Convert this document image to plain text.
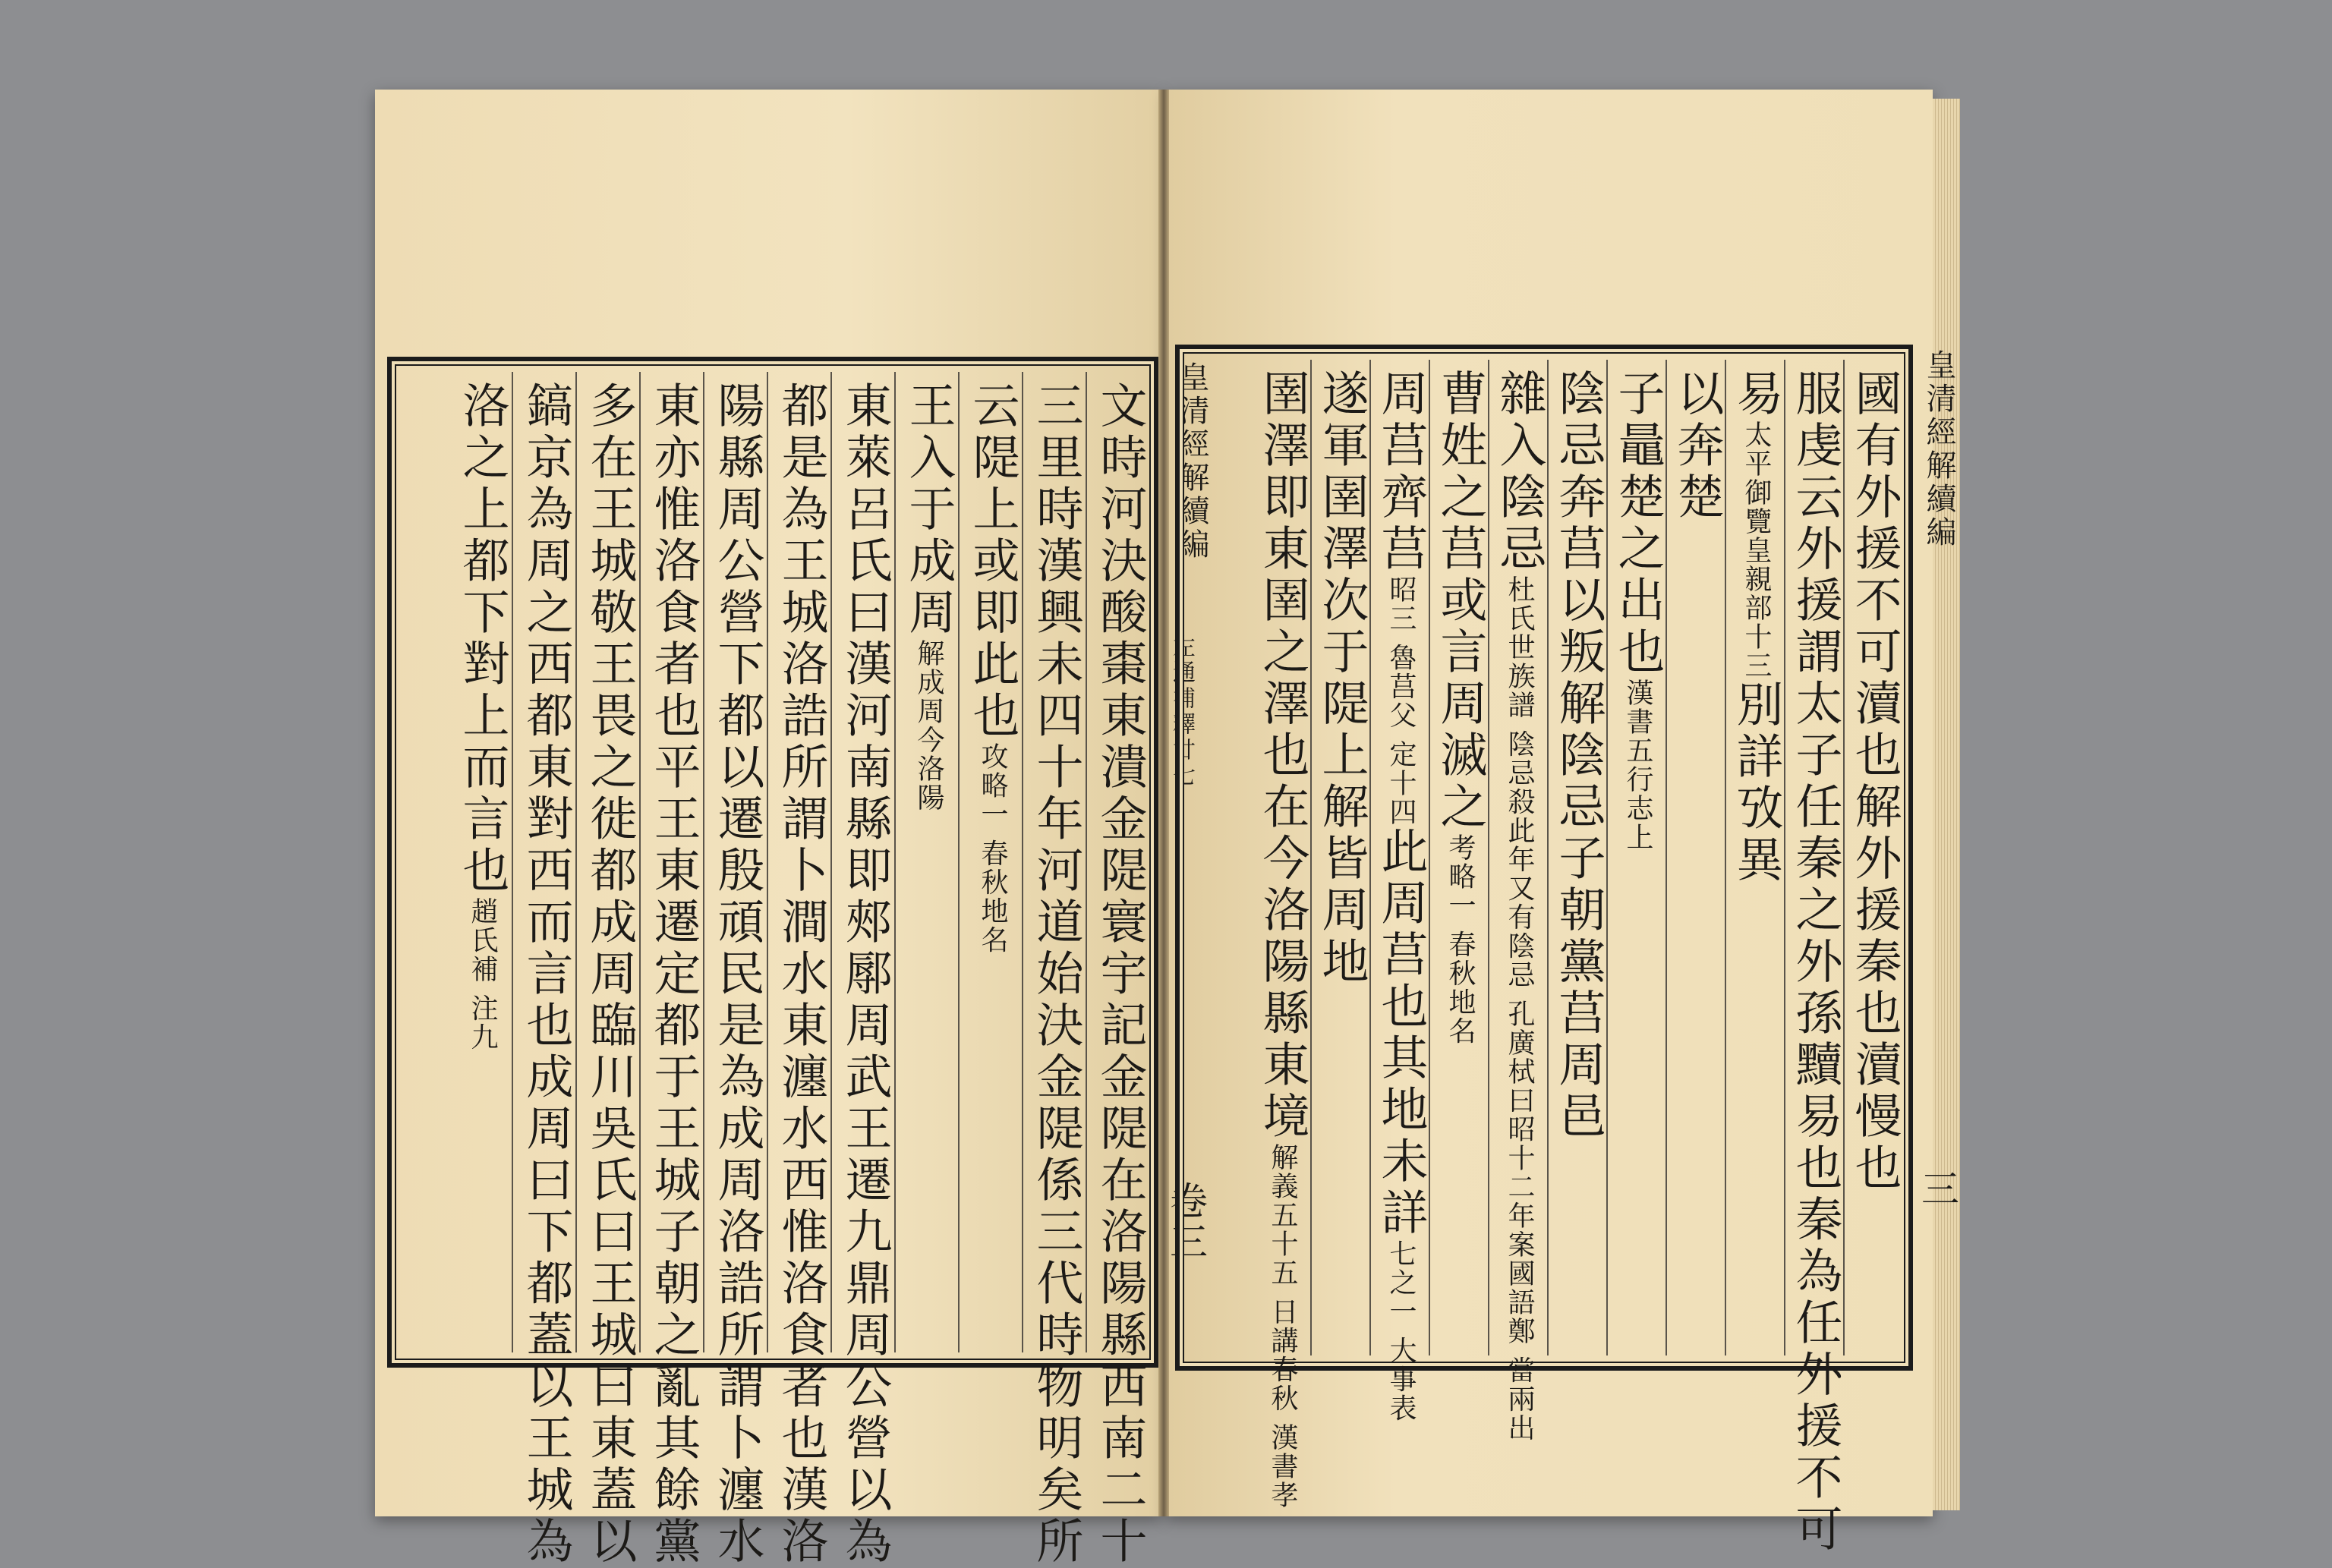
皇清經解續編
左通補釋廿七
卷三
文時河決酸棗東潰金隄寰宇記金隄在洛陽縣西南二十
三里時漢興未四十年河道始決金隄係三代時物明矣所
云隄上或即此也攻略一 春秋地名
王入于成周解成周今洛陽
東萊呂氏曰漢河南縣即郟鄏周武王遷九鼎周公營以為
都是為王城洛誥所謂卜澗水東瀍水西惟洛食者也漢洛
陽縣周公營下都以遷殷頑民是為成周洛誥所謂卜瀍水
東亦惟洛食者也平王東遷定都于王城子朝之亂其餘黨
多在王城敬王畏之徙都成周臨川吳氏曰王城曰東蓋以
鎬京為周之西都東對西而言也成周曰下都蓋以王城為
洛之上都下對上而言也趙氏補 注九
皇清經解續編
三
國有外援不可瀆也解外援秦也瀆慢也
服虔云外援謂太子任秦之外孫黷易也秦為任外援不可
易太平御覽皇親部十三別詳攷異
以奔楚
子鼂楚之出也漢書五行志上
陰忌奔莒以叛解陰忌子朝黨莒周邑
雜入陰忌杜氏世族譜 陰忌殺此年又有陰忌 孔廣栻曰昭十二年案國語鄭 當兩出
曹姓之莒或言周滅之考略一 春秋地名
周莒齊莒昭三 魯莒父 定十四此周莒也其地未詳七之一 大事表
遂軍圉澤次于隄上解皆周地
圉澤即東圉之澤也在今洛陽縣東境解義五十五 日講春秋 漢書孝
